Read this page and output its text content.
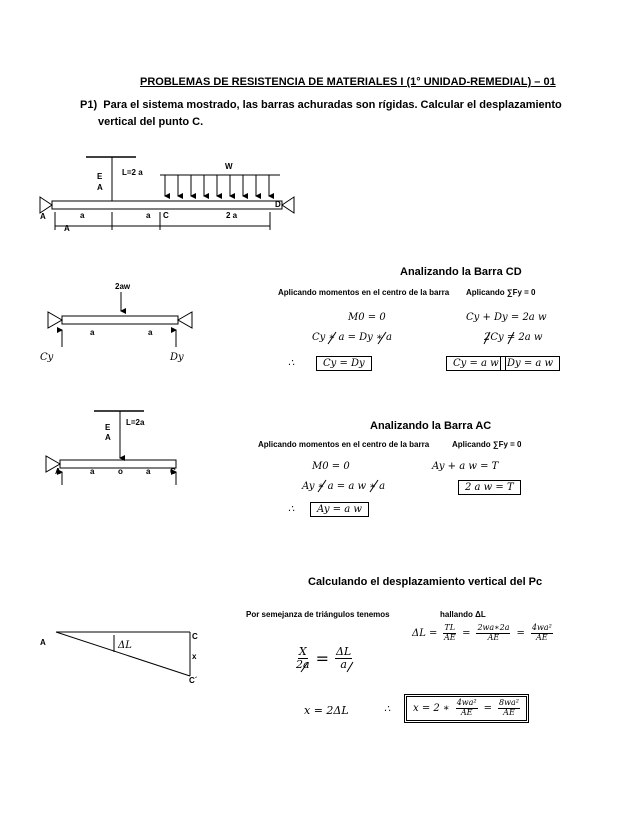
PROBLEMAS DE RESISTENCIA DE MATERIALES I (1° UNIDAD-REMEDIAL) – 01
P1) Para el sistema mostrado, las barras achuradas son rígidas. Calcular el desplazamiento
vertical del punto C.
E
A
L=2 a
W
A	a	a C	2 a
D
A
2aw
a	a
Cy	Dy
L=2a
E
A
A	a	o	a C
A	ΔL
C
x
C´
Analizando la Barra CD
Aplicando momentos en el centro de la barra Aplicando ∑Fy = 0
M0 = 0	Cy + Dy = 2a w
Cy ∗ a = Dy ∗ a	2Cy = 2a w
∴	Cy = Dy	Cy = a w Dy = a w
Analizando la Barra AC
Aplicando momentos en el centro de la barra	Aplicando ∑Fy = 0
M0 = 0	Ay + a w = T
Ay ∗ a = a w ∗ a	2 a w = T
∴	Ay = a w
Calculando el desplazamiento vertical del Pc
Por semejanza de triángulos tenemos	hallando ΔL
$\Delta L = \frac{TL}{AE} = \frac{2wa∗2a}{AE} = \frac{\text{4wa²}}{AE}$
$\frac{X}{2a} = \frac{\Delta L}{a}$
x = 2ΔL	∴ x = 2 ∗ $\frac{\text{4wa²}}{AE} = \frac{\text{8wa²}}{AE}$
